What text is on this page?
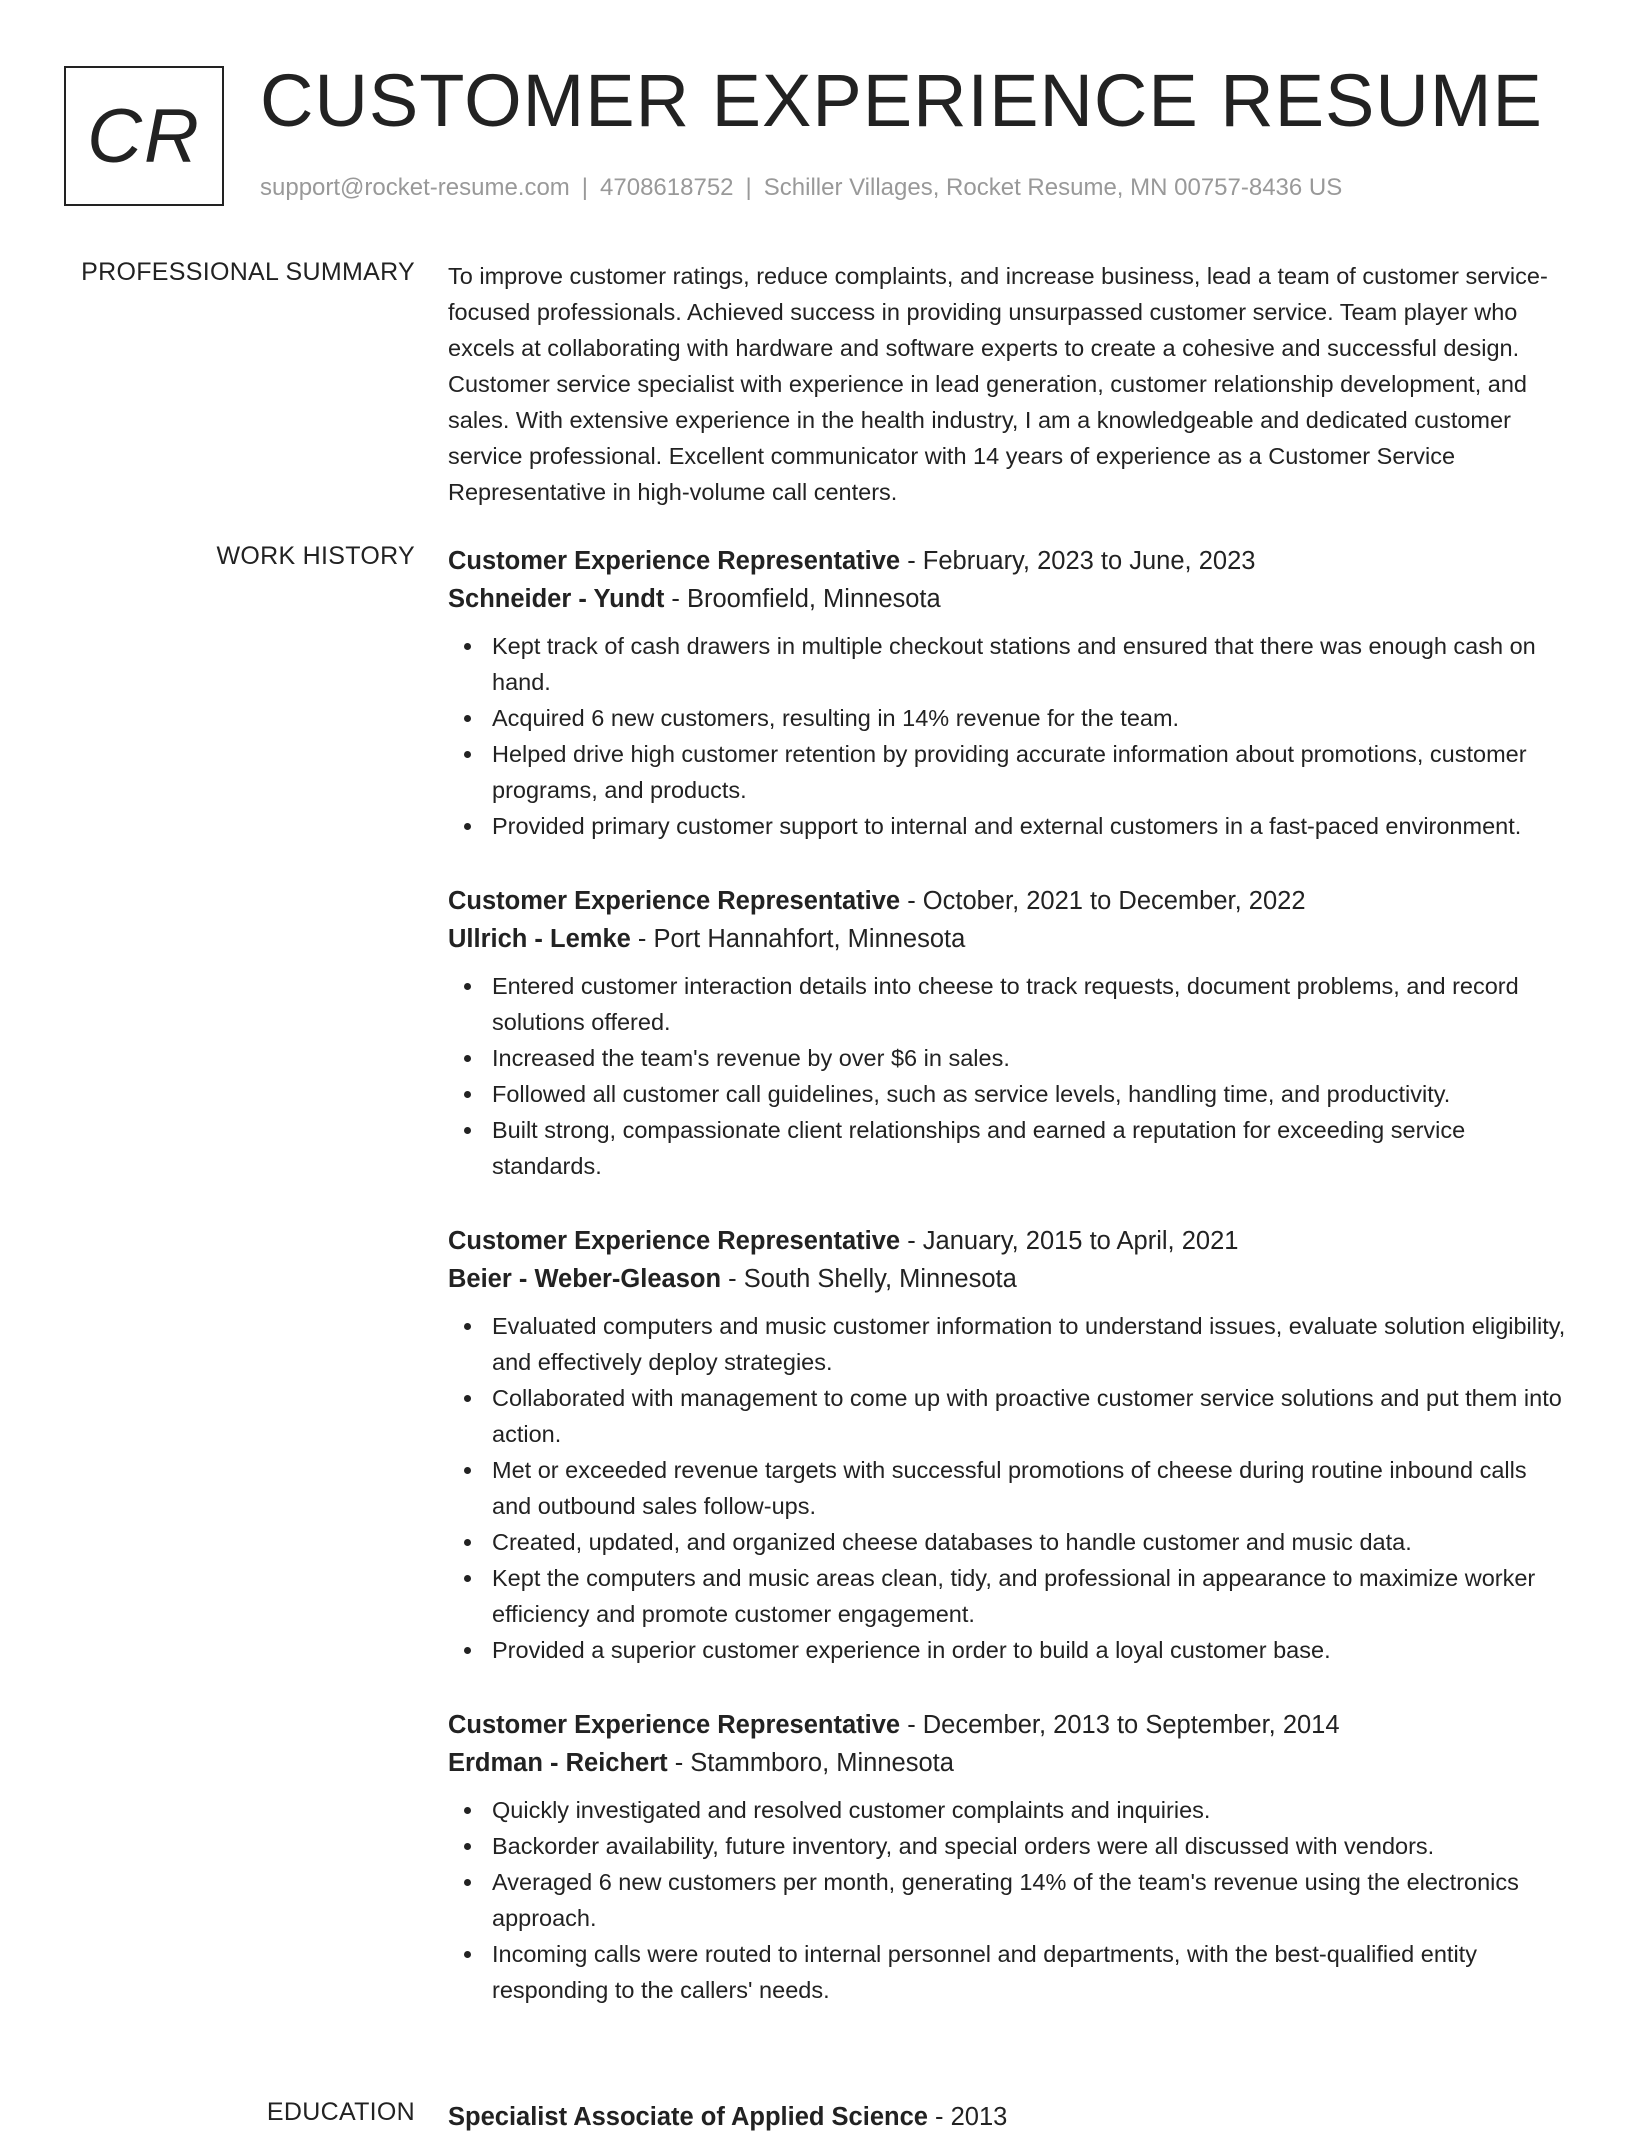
CR CUSTOMER EXPERIENCE RESUME
support@rocket-resume.com | 4708618752 | Schiller Villages, Rocket Resume, MN 00757-8436 US
PROFESSIONAL SUMMARY To improve customer ratings, reduce complaints, and increase business, lead a team of customer service-focused professionals. Achieved success in providing unsurpassed customer service. Team player who excels at collaborating with hardware and software experts to create a cohesive and successful design. Customer service specialist with experience in lead generation, customer relationship development, and sales. With extensive experience in the health industry, I am a knowledgeable and dedicated customer service professional. Excellent communicator with 14 years of experience as a Customer Service Representative in high-volume call centers.

WORK HISTORY Customer Experience Representative - February, 2023 to June, 2023
Schneider - Yundt - Broomfield, Minnesota
Kept track of cash drawers in multiple checkout stations and ensured that there was enough cash on hand.
Acquired 6 new customers, resulting in 14% revenue for the team.
Helped drive high customer retention by providing accurate information about promotions, customer programs, and products.
Provided primary customer support to internal and external customers in a fast-paced environment.
Customer Experience Representative - October, 2021 to December, 2022
Ullrich - Lemke - Port Hannahfort, Minnesota
Entered customer interaction details into cheese to track requests, document problems, and record solutions offered.
Increased the team's revenue by over $6 in sales.
Followed all customer call guidelines, such as service levels, handling time, and productivity.
Built strong, compassionate client relationships and earned a reputation for exceeding service standards.
Customer Experience Representative - January, 2015 to April, 2021
Beier - Weber-Gleason - South Shelly, Minnesota
Evaluated computers and music customer information to understand issues, evaluate solution eligibility, and effectively deploy strategies.
Collaborated with management to come up with proactive customer service solutions and put them into action.
Met or exceeded revenue targets with successful promotions of cheese during routine inbound calls and outbound sales follow-ups.
Created, updated, and organized cheese databases to handle customer and music data.
Kept the computers and music areas clean, tidy, and professional in appearance to maximize worker efficiency and promote customer engagement.
Provided a superior customer experience in order to build a loyal customer base.
Customer Experience Representative - December, 2013 to September, 2014
Erdman - Reichert - Stammboro, Minnesota
Quickly investigated and resolved customer complaints and inquiries.
Backorder availability, future inventory, and special orders were all discussed with vendors.
Averaged 6 new customers per month, generating 14% of the team's revenue using the electronics approach.
Incoming calls were routed to internal personnel and departments, with the best-qualified entity responding to the callers' needs.
EDUCATION Specialist Associate of Applied Science - 2013
